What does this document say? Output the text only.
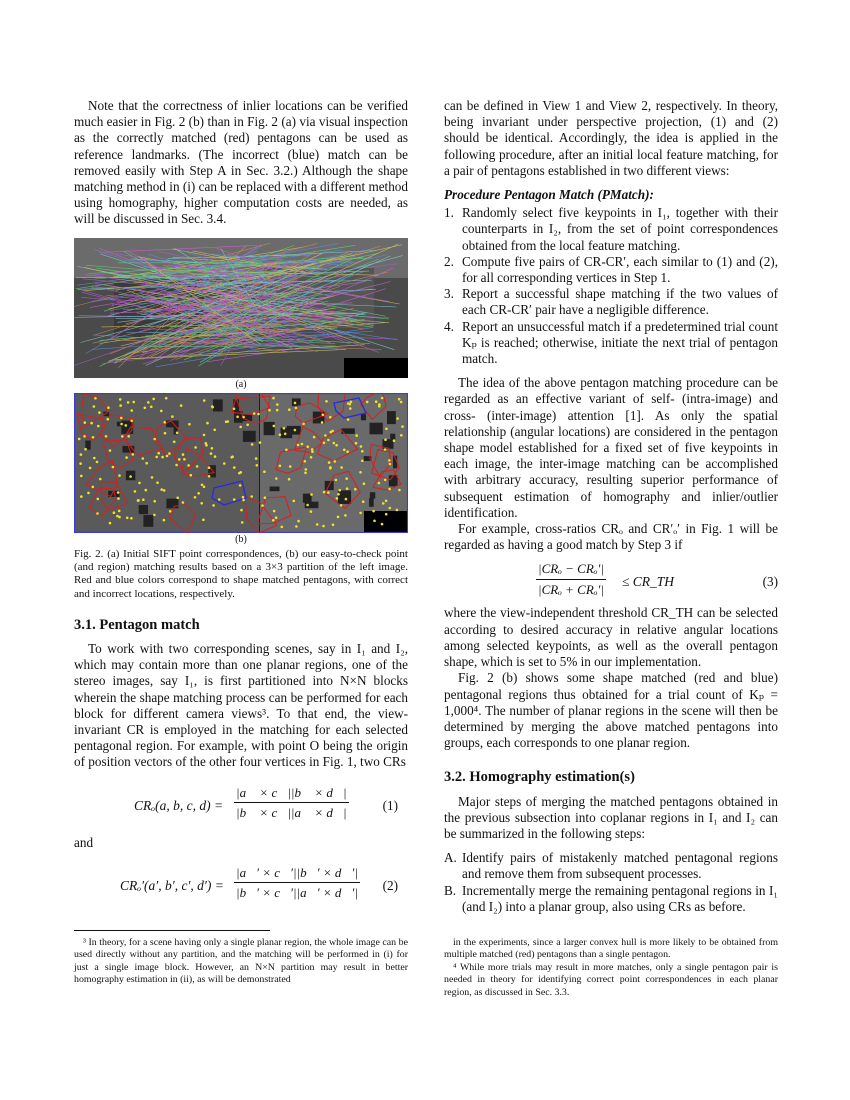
Note that the correctness of inlier locations can be verified much easier in Fig. 2 (b) than in Fig. 2 (a) via visual inspection as the correctly matched (red) pentagons can be used as reference landmarks. (The incorrect (blue) match can be removed easily with Step A in Sec. 3.2.) Although the shape matching method in (i) can be replaced with a different method using homography, higher computation costs are needed, as will be discussed in Sec. 3.4.

(a)
(b)
Fig. 2. (a) Initial SIFT point correspondences, (b) our easy-to-check point (and region) matching results based on a 3×3 partition of the left image. Red and blue colors correspond to shape matched pentagons, with correct and incorrect locations, respectively.
3.1. Pentagon match

To work with two corresponding scenes, say in I₁ and I₂, which may contain more than one planar regions, one of the stereo images, say I₁, is first partitioned into N×N blocks wherein the shape matching process can be performed for each block for different camera views³. To that end, the view-invariant CR is employed in the matching for each selected pentagonal region. For example, with point O being the origin of position vectors of the other four vertices in Fig. 1, two CRs

CRₒ(a, b, c, $d) = \frac{|a⃗ \times c⃗||b⃗ \times d⃗|}{|b⃗ \times c⃗||a⃗ \times d⃗|}$	(1)

and

CRₒ′(a′, b′, c′, $d') = \frac{|a⃗' \times c⃗'||b⃗' \times d⃗'|}{|b⃗' \times c⃗'||a⃗' \times d⃗'|} (2)$

³ In theory, for a scene having only a single planar region, the whole image can be used directly without any partition, and the matching will be performed in (i) for just a single image block. However, an N×N partition may result in better homography estimation in (ii), as will be demonstrated

can be defined in View 1 and View 2, respectively. In theory, being invariant under perspective projection, (1) and (2) should be identical. Accordingly, the idea is applied in the following procedure, after an initial local feature matching, for a pair of pentagons established in two different views:

Procedure Pentagon Match (PMatch):
1. Randomly select five keypoints in I₁, together with their counterparts in I₂, from the set of point correspondences obtained from the local feature matching.
2. Compute five pairs of CR-CR′, each similar to (1) and (2), for all corresponding vertices in Step 1.
3. Report a successful shape matching if the two values of each CR-CR′ pair have a negligible difference.
4. Report an unsuccessful match if a predetermined trial count Kₚ is reached; otherwise, initiate the next trial of pentagon match.

The idea of the above pentagon matching procedure can be regarded as an effective variant of self- (intra-image) and cross- (inter-image) attention [1]. As only the spatial relationship (angular locations) are considered in the pentagon shape model established for a fixed set of five keypoints in each image, the inter-image matching can be accomplished with arbitrary accuracy, resulting superior performance of subsequent estimation of homography and inlier/outlier identification.

For example, cross-ratios CRₒ and CR′ₒ′ in Fig. 1 will be regarded as having a good match by Step 3 if

|CRₒ − CRₒ′|
|CRₒ + CRₒ′| ≤ CR_TH	(3)

where the view-independent threshold CR_TH can be selected according to desired accuracy in relative angular locations among selected keypoints, as well as the overall pentagon shape, which is set to 5% in our implementation.

Fig. 2 (b) shows some shape matched (red and blue) pentagonal regions thus obtained for a trial count of Kₚ = 1,000⁴. The number of planar regions in the scene will then be determined by merging the above matched pentagons into groups, each corresponds to one planar region.

3.2. Homography estimation(s)

Major steps of merging the matched pentagons obtained in the previous subsection into coplanar regions in I₁ and I₂ can be summarized in the following steps:

A. Identify pairs of mistakenly matched pentagonal regions and remove them from subsequent processes.
B. Incrementally merge the remaining pentagonal regions in I₁ (and I₂) into a planar group, also using CRs as before.

in the experiments, since a larger convex hull is more likely to be obtained from multiple matched (red) pentagons than a single pentagon.

⁴ While more trials may result in more matches, only a single pentagon pair is needed in theory for identifying correct point correspondences in each planar region, as discussed in Sec. 3.3.
